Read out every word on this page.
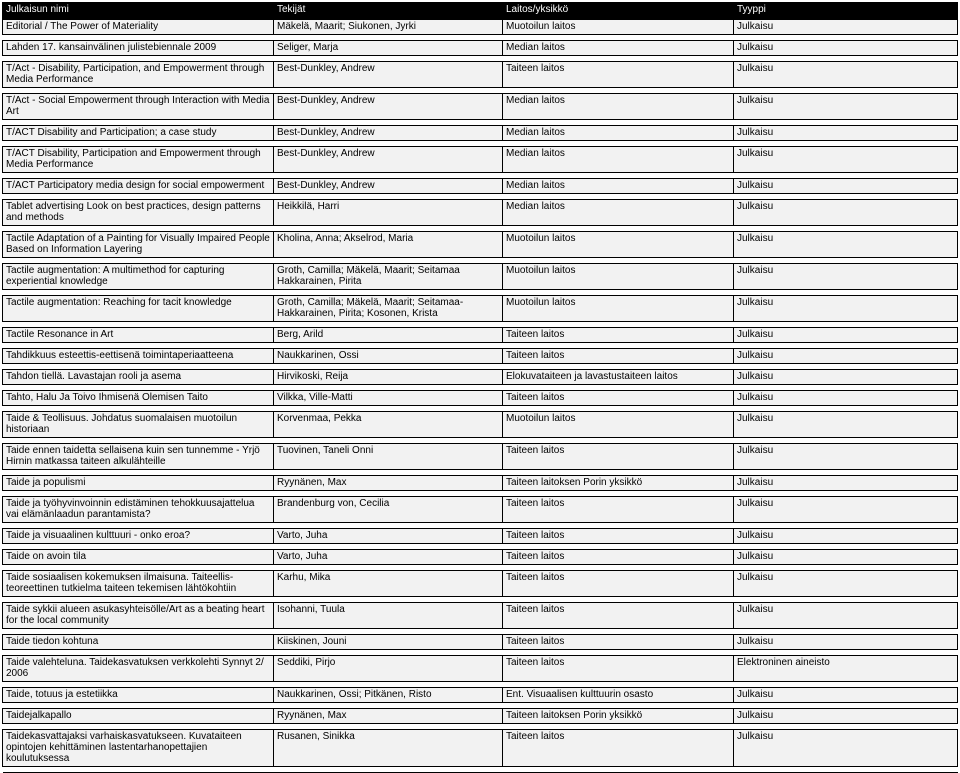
Julkaisun nimi	Tekijät	Laitos/yksikkö	Tyyppi
Editorial / The Power of Materiality	Mäkelä, Maarit; Siukonen, Jyrki	Muotoilun laitos	Julkaisu

Lahden 17. kansainvälinen julistebiennale 2009	Seliger, Marja	Median laitos	Julkaisu

T/Act - Disability, Participation, and Empowerment through Media Performance	Best-Dunkley, Andrew	Taiteen laitos	Julkaisu

T/Act - Social Empowerment through Interaction with Media Art	Best-Dunkley, Andrew	Median laitos	Julkaisu

T/ACT Disability and Participation; a case study	Best-Dunkley, Andrew	Median laitos	Julkaisu

T/ACT Disability, Participation and Empowerment through Media Performance	Best-Dunkley, Andrew	Median laitos	Julkaisu

T/ACT Participatory media design for social empowerment	Best-Dunkley, Andrew	Median laitos	Julkaisu

Tablet advertising Look on best practices, design patterns and methods	Heikkilä, Harri	Median laitos	Julkaisu

Tactile Adaptation of a Painting for Visually Impaired People Based on Information Layering	Kholina, Anna; Akselrod, Maria	Muotoilun laitos	Julkaisu

Tactile augmentation: A multimethod for capturing experiential knowledge	Groth, Camilla; Mäkelä, Maarit; Seitamaa Hakkarainen, Pirita	Muotoilun laitos	Julkaisu

Tactile augmentation: Reaching for tacit knowledge	Groth, Camilla; Mäkelä, Maarit; Seitamaa-Hakkarainen, Pirita; Kosonen, Krista	Muotoilun laitos	Julkaisu

Tactile Resonance in Art	Berg, Arild	Taiteen laitos	Julkaisu

Tahdikkuus esteettis-eettisenä toimintaperiaatteena	Naukkarinen, Ossi	Taiteen laitos	Julkaisu

Tahdon tiellä. Lavastajan rooli ja asema	Hirvikoski, Reija	Elokuvataiteen ja lavastustaiteen laitos	Julkaisu

Tahto, Halu Ja Toivo Ihmisenä Olemisen Taito	Vilkka, Ville-Matti	Taiteen laitos	Julkaisu

Taide & Teollisuus. Johdatus suomalaisen muotoilun historiaan	Korvenmaa, Pekka	Muotoilun laitos	Julkaisu

Taide ennen taidetta sellaisena kuin sen tunnemme - Yrjö Hirnin matkassa taiteen alkulähteille	Tuovinen, Taneli Onni	Taiteen laitos	Julkaisu

Taide ja populismi	Ryynänen, Max	Taiteen laitoksen Porin yksikkö	Julkaisu

Taide ja työhyvinvoinnin edistäminen tehokkuusajattelua vai elämänlaadun parantamista?	Brandenburg von, Cecilia	Taiteen laitos	Julkaisu

Taide ja visuaalinen kulttuuri - onko eroa?	Varto, Juha	Taiteen laitos	Julkaisu

Taide on avoin tila	Varto, Juha	Taiteen laitos	Julkaisu

Taide sosiaalisen kokemuksen ilmaisuna. Taiteellis-teoreettinen tutkielma taiteen tekemisen lähtökohtiin	Karhu, Mika	Taiteen laitos	Julkaisu

Taide sykkii alueen asukasyhteisölle/Art as a beating heart for the local community	Isohanni, Tuula	Taiteen laitos	Julkaisu

Taide tiedon kohtuna	Kiiskinen, Jouni	Taiteen laitos	Julkaisu

Taide valehteluna. Taidekasvatuksen verkkolehti Synnyt 2/ 2006	Seddiki, Pirjo	Taiteen laitos	Elektroninen aineisto

Taide, totuus ja estetiikka	Naukkarinen, Ossi; Pitkänen, Risto	Ent. Visuaalisen kulttuurin osasto	Julkaisu

Taidejalkapallo	Ryynänen, Max	Taiteen laitoksen Porin yksikkö	Julkaisu

Taidekasvattajaksi varhaiskasvatukseen. Kuvataiteen opintojen kehittäminen lastentarhanopettajien koulutuksessa	Rusanen, Sinikka	Taiteen laitos	Julkaisu
